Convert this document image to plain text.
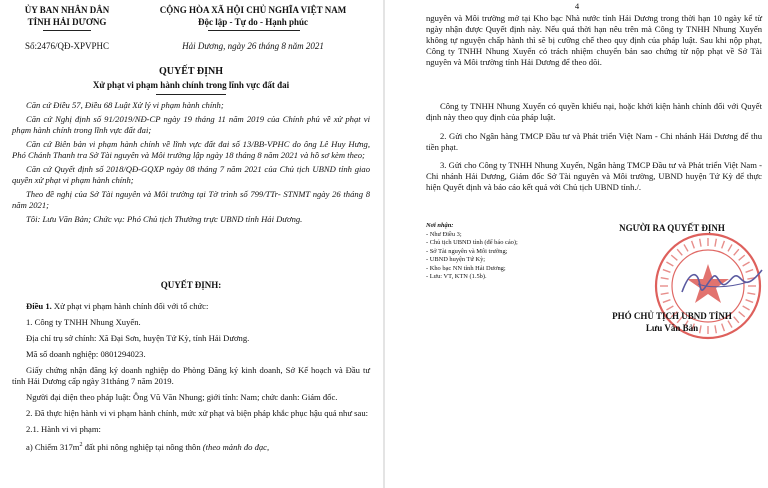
ỦY BAN NHÂN DÂN
TỈNH HẢI DƯƠNG
Số:2476/QĐ-XPVPHC
CỘNG HÒA XÃ HỘI CHỦ NGHĨA VIỆT NAM
Độc lập - Tự do - Hạnh phúc
Hải Dương, ngày 26 tháng 8 năm 2021
QUYẾT ĐỊNH
Xử phạt vi phạm hành chính trong lĩnh vực đất đai
Căn cứ Điều 57, Điều 68 Luật Xử lý vi phạm hành chính;
Căn cứ Nghị định số 91/2019/NĐ-CP ngày 19 tháng 11 năm 2019 của Chính phủ về xử phạt vi phạm hành chính trong lĩnh vực đất đai;
Căn cứ Biên bản vi phạm hành chính về lĩnh vực đất đai số 13/BB-VPHC do ông Lê Huy Hưng, Phó Chánh Thanh tra Sở Tài nguyên và Môi trường lập ngày 18 tháng 8 năm 2021 và hồ sơ kèm theo;
Căn cứ Quyết định số 2018/QĐ-GQXP ngày 08 tháng 7 năm 2021 của Chủ tịch UBND tỉnh giao quyền xử phạt vi phạm hành chính;
Theo đề nghị của Sở Tài nguyên và Môi trường tại Tờ trình số 799/TTr- STNMT ngày 26 tháng 8 năm 2021;
Tôi: Lưu Văn Bản; Chức vụ: Phó Chủ tịch Thường trực UBND tỉnh Hải Dương.
QUYẾT ĐỊNH:
Điều 1. Xử phạt vi phạm hành chính đối với tổ chức:
1. Công ty TNHH Nhung Xuyến.
Địa chỉ trụ sở chính: Xã Đại Sơn, huyện Tứ Kỳ, tỉnh Hải Dương.
Mã số doanh nghiệp: 0801294023.
Giấy chứng nhận đăng ký doanh nghiệp do Phòng Đăng ký kinh doanh, Sở Kế hoạch và Đầu tư tỉnh Hải Dương cấp ngày 31tháng 7 năm 2019.
Người đại diện theo pháp luật: Ông Vũ Văn Nhung; giới tính: Nam; chức danh: Giám đốc.
2. Đã thực hiện hành vi vi phạm hành chính, mức xử phạt và biện pháp khắc phục hậu quả như sau:
2.1. Hành vi vi phạm:
a) Chiếm $317m^2$ đất phi nông nghiệp tại nông thôn (theo mảnh đo đạc,
4
nguyên và Môi trường mở tại Kho bạc Nhà nước tỉnh Hải Dương trong thời hạn 10 ngày kể từ ngày nhận được Quyết định này. Nếu quá thời hạn nêu trên mà Công ty TNHH Nhung Xuyến không tự nguyện chấp hành thì sẽ bị cưỡng chế theo quy định của pháp luật. Sau khi nộp phạt, Công ty TNHH Nhung Xuyến có trách nhiệm chuyển bản sao chứng từ nộp phạt về Sở Tài nguyên và Môi trường tỉnh Hải Dương để theo dõi.
Công ty TNHH Nhung Xuyến có quyền khiếu nại, hoặc khởi kiện hành chính đối với Quyết định này theo quy định của pháp luật.
2. Gửi cho Ngân hàng TMCP Đầu tư và Phát triển Việt Nam - Chi nhánh Hải Dương để thu tiền phạt.
3. Gửi cho Công ty TNHH Nhung Xuyến, Ngân hàng TMCP Đầu tư và Phát triển Việt Nam - Chi nhánh Hải Dương, Giám đốc Sở Tài nguyên và Môi trường, UBND huyện Tứ Kỳ để thực hiện Quyết định và báo cáo kết quả với Chủ tịch UBND tỉnh./.
Nơi nhận:
- Như Điều 3;
- Chủ tịch UBND tỉnh (để báo cáo);
- Sở Tài nguyên và Môi trường;
- UBND huyện Tứ Kỳ;
- Kho bạc NN tỉnh Hải Dương;
- Lưu: VT, KTN (1.5b).
NGƯỜI RA QUYẾT ĐỊNH
PHÓ CHỦ TỊCH UBND TỈNH
Lưu Văn Bản
